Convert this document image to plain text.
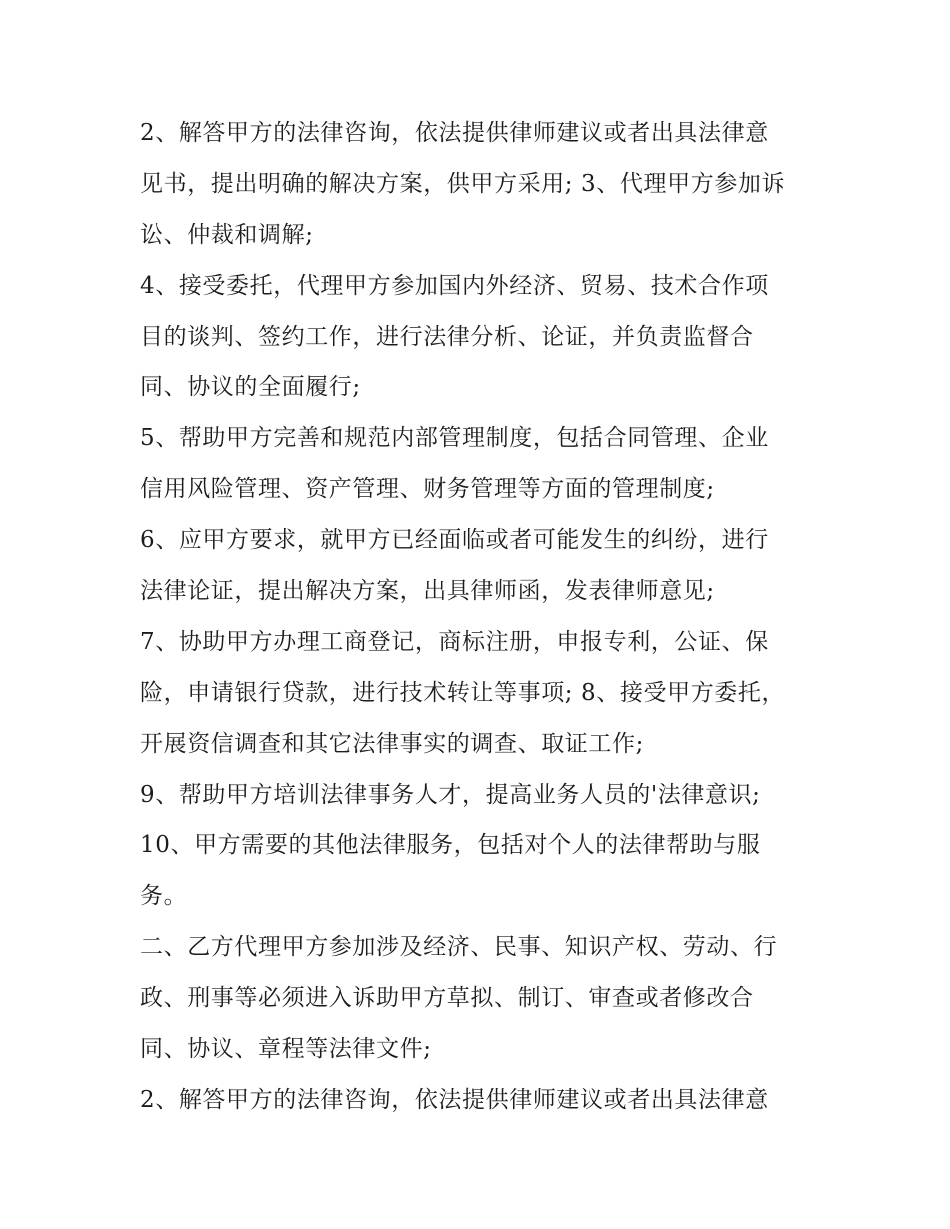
2、解答甲方的法律咨询，依法提供律师建议或者出具法律意
见书，提出明确的解决方案，供甲方采用; 3、代理甲方参加诉
讼、仲裁和调解;
4、接受委托，代理甲方参加国内外经济、贸易、技术合作项
目的谈判、签约工作，进行法律分析、论证，并负责监督合
同、协议的全面履行;
5、帮助甲方完善和规范内部管理制度，包括合同管理、企业
信用风险管理、资产管理、财务管理等方面的管理制度;
6、应甲方要求，就甲方已经面临或者可能发生的纠纷，进行
法律论证，提出解决方案，出具律师函，发表律师意见;
7、协助甲方办理工商登记，商标注册，申报专利，公证、保
险，申请银行贷款，进行技术转让等事项; 8、接受甲方委托，
开展资信调查和其它法律事实的调查、取证工作;
9、帮助甲方培训法律事务人才，提高业务人员的'法律意识;
10、甲方需要的其他法律服务，包括对个人的法律帮助与服
务。
二、乙方代理甲方参加涉及经济、民事、知识产权、劳动、行
政、刑事等必须进入诉助甲方草拟、制订、审查或者修改合
同、协议、章程等法律文件;
2、解答甲方的法律咨询，依法提供律师建议或者出具法律意
